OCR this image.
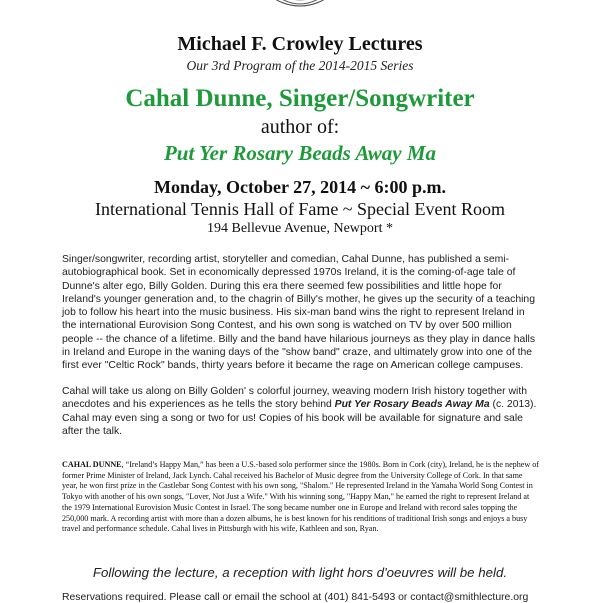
Michael F. Crowley Lectures
Our 3rd Program of the 2014-2015 Series
Cahal Dunne, Singer/Songwriter
author of:
Put Yer Rosary Beads Away Ma
Monday, October 27, 2014 ~ 6:00 p.m.
International Tennis Hall of Fame ~ Special Event Room
194 Bellevue Avenue, Newport *
Singer/songwriter, recording artist, storyteller and comedian, Cahal Dunne, has published a semi-autobiographical book. Set in economically depressed 1970s Ireland, it is the coming-of-age tale of Dunne's alter ego, Billy Golden. During this era there seemed few possibilities and little hope for Ireland's younger generation and, to the chagrin of Billy's mother, he gives up the security of a teaching job to follow his heart into the music business. His six-man band wins the right to represent Ireland in the international Eurovision Song Contest, and his own song is watched on TV by over 500 million people -- the chance of a lifetime. Billy and the band have hilarious journeys as they play in dance halls in Ireland and Europe in the waning days of the "show band" craze, and ultimately grow into one of the first ever "Celtic Rock" bands, thirty years before it became the rage on American college campuses.
Cahal will take us along on Billy Golden' s colorful journey, weaving modern Irish history together with anecdotes and his experiences as he tells the story behind Put Yer Rosary Beads Away Ma (c. 2013). Cahal may even sing a song or two for us! Copies of his book will be available for signature and sale after the talk.
CAHAL DUNNE, “Ireland’s Happy Man,” has been a U.S.-based solo performer since the 1980s. Born in Cork (city), Ireland, he is the nephew of former Prime Minister of Ireland, Jack Lynch. Cahal received his Bachelor of Music degree from the University College of Cork. In that same year, he won first prize in the Castlebar Song Contest with his own song, "Shalom." He represented Ireland in the Yamaha World Song Contest in Tokyo with another of his own songs, "Lover, Not Just a Wife." With his winning song, "Happy Man," he earned the right to represent Ireland at the 1979 International Eurovision Music Contest in Israel. The song became number one in Europe and Ireland with record sales topping the 250,000 mark. A recording artist with more than a dozen albums, he is best known for his renditions of traditional Irish songs and enjoys a busy travel and performance schedule. Cahal lives in Pittsburgh with his wife, Kathleen and son, Ryan.
Following the lecture, a reception with light hors d'oeuvres will be held.
Reservations required. Please call or email the school at (401) 841-5493 or contact@smithlecture.org
